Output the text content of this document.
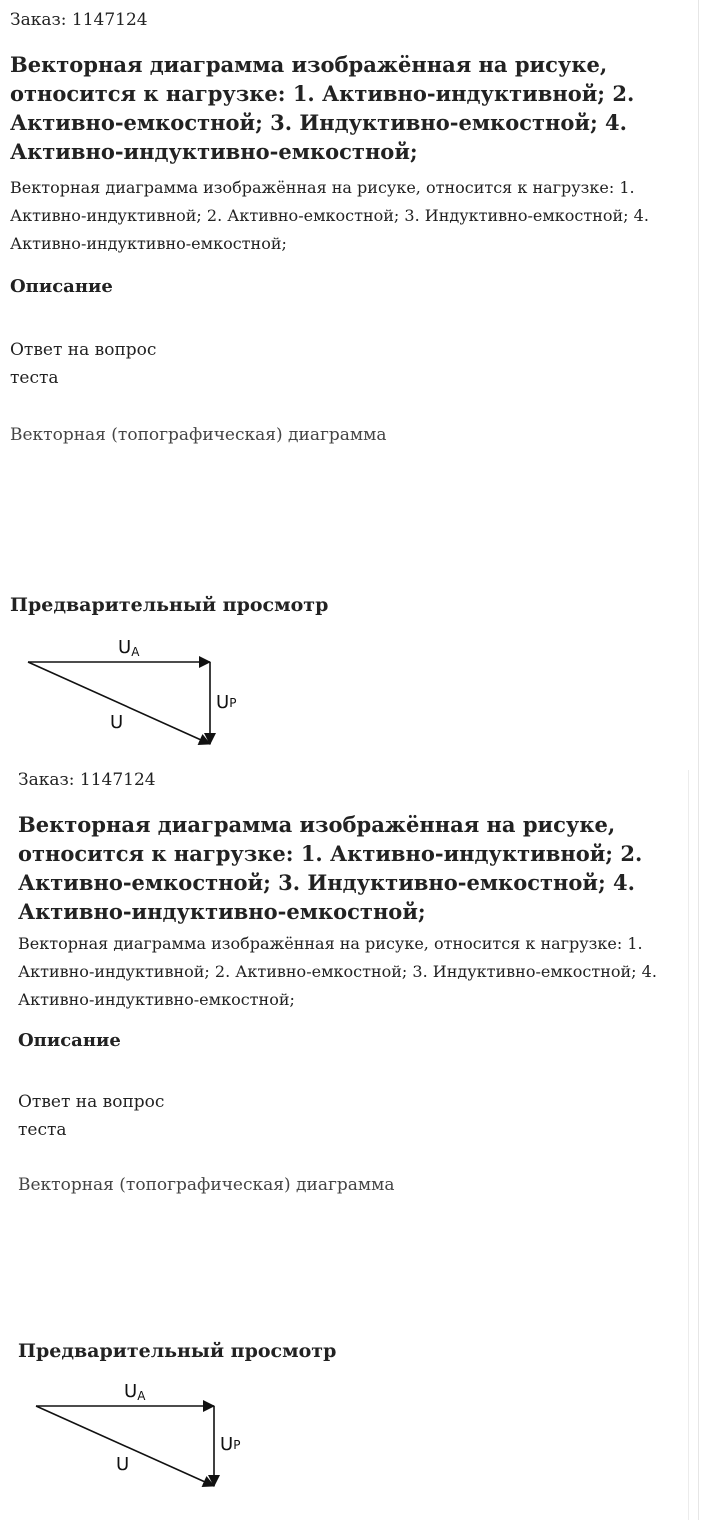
Заказ: 1147124
Векторная диаграмма изображённая на рисуке, относится к нагрузке: 1. Активно-индуктивной; 2. Активно-емкостной; 3. Индуктивно-емкостной; 4. Активно-индуктивно-емкостной;

Векторная диаграмма изображённая на рисуке, относится к нагрузке: 1. Активно-индуктивной; 2. Активно-емкостной; 3. Индуктивно-емкостной; 4. Активно-индуктивно-емкостной;

Описание

Ответ на вопрос

теста

Векторная (топографическая) диаграмма

Предварительный просмотр
UA
UP
U
Заказ: 1147124
Векторная диаграмма изображённая на рисуке, относится к нагрузке: 1. Активно-индуктивной; 2. Активно-емкостной; 3. Индуктивно-емкостной; 4. Активно-индуктивно-емкостной;

Векторная диаграмма изображённая на рисуке, относится к нагрузке: 1. Активно-индуктивной; 2. Активно-емкостной; 3. Индуктивно-емкостной; 4. Активно-индуктивно-емкостной;

Описание

Ответ на вопрос

теста

Векторная (топографическая) диаграмма

Предварительный просмотр
UA
UP
U
